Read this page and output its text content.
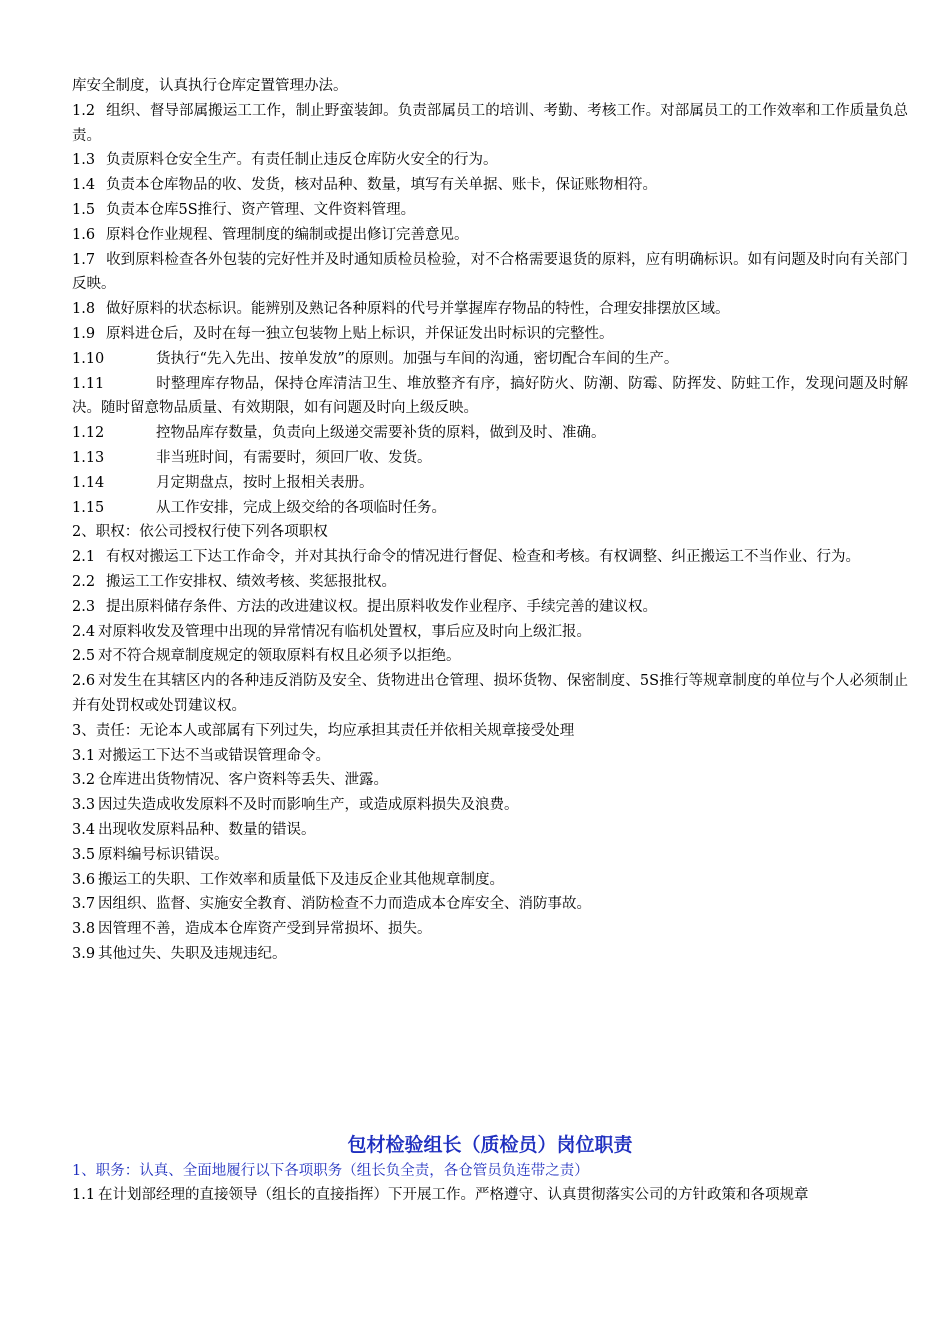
库安全制度，认真执行仓库定置管理办法。
1.2 组织、督导部属搬运工工作，制止野蛮装卸。负责部属员工的培训、考勤、考核工作。对部属员工的工作效率和工作质量负总责。
1.3 负责原料仓安全生产。有责任制止违反仓库防火安全的行为。
1.4 负责本仓库物品的收、发货，核对品种、数量，填写有关单据、账卡，保证账物相符。
1.5 负责本仓库5S推行、资产管理、文件资料管理。
1.6 原料仓作业规程、管理制度的编制或提出修订完善意见。
1.7 收到原料检查各外包装的完好性并及时通知质检员检验，对不合格需要退货的原料，应有明确标识。如有问题及时向有关部门反映。
1.8 做好原料的状态标识。能辨别及熟记各种原料的代号并掌握库存物品的特性，合理安排摆放区域。
1.9 原料进仓后，及时在每一独立包装物上贴上标识，并保证发出时标识的完整性。
1.10	货执行“先入先出、按单发放”的原则。加强与车间的沟通，密切配合车间的生产。
1.11	时整理库存物品，保持仓库清洁卫生、堆放整齐有序，搞好防火、防潮、防霉、防挥发、防蛀工作，发现问题及时解决。随时留意物品质量、有效期限，如有问题及时向上级反映。
1.12	控物品库存数量，负责向上级递交需要补货的原料，做到及时、准确。
1.13	非当班时间，有需要时，须回厂收、发货。
1.14	月定期盘点，按时上报相关表册。
1.15	从工作安排，完成上级交给的各项临时任务。
2、职权：依公司授权行使下列各项职权
2.1 有权对搬运工下达工作命令，并对其执行命令的情况进行督促、检查和考核。有权调整、纠正搬运工不当作业、行为。
2.2 搬运工工作安排权、绩效考核、奖惩报批权。
2.3 提出原料储存条件、方法的改进建议权。提出原料收发作业程序、手续完善的建议权。
2.4 对原料收发及管理中出现的异常情况有临机处置权，事后应及时向上级汇报。
2.5 对不符合规章制度规定的领取原料有权且必须予以拒绝。
2.6 对发生在其辖区内的各种违反消防及安全、货物进出仓管理、损坏货物、保密制度、5S推行等规章制度的单位与个人必须制止并有处罚权或处罚建议权。
3、责任：无论本人或部属有下列过失，均应承担其责任并依相关规章接受处理
3.1 对搬运工下达不当或错误管理命令。
3.2 仓库进出货物情况、客户资料等丢失、泄露。
3.3 因过失造成收发原料不及时而影响生产，或造成原料损失及浪费。
3.4 出现收发原料品种、数量的错误。
3.5 原料编号标识错误。
3.6 搬运工的失职、工作效率和质量低下及违反企业其他规章制度。
3.7 因组织、监督、实施安全教育、消防检查不力而造成本仓库安全、消防事故。
3.8 因管理不善，造成本仓库资产受到异常损坏、损失。
3.9 其他过失、失职及违规违纪。
包材检验组长（质检员）岗位职责
1、职务：认真、全面地履行以下各项职务（组长负全责，各仓管员负连带之责）
1.1 在计划部经理的直接领导（组长的直接指挥）下开展工作。严格遵守、认真贯彻落实公司的方针政策和各项规章
